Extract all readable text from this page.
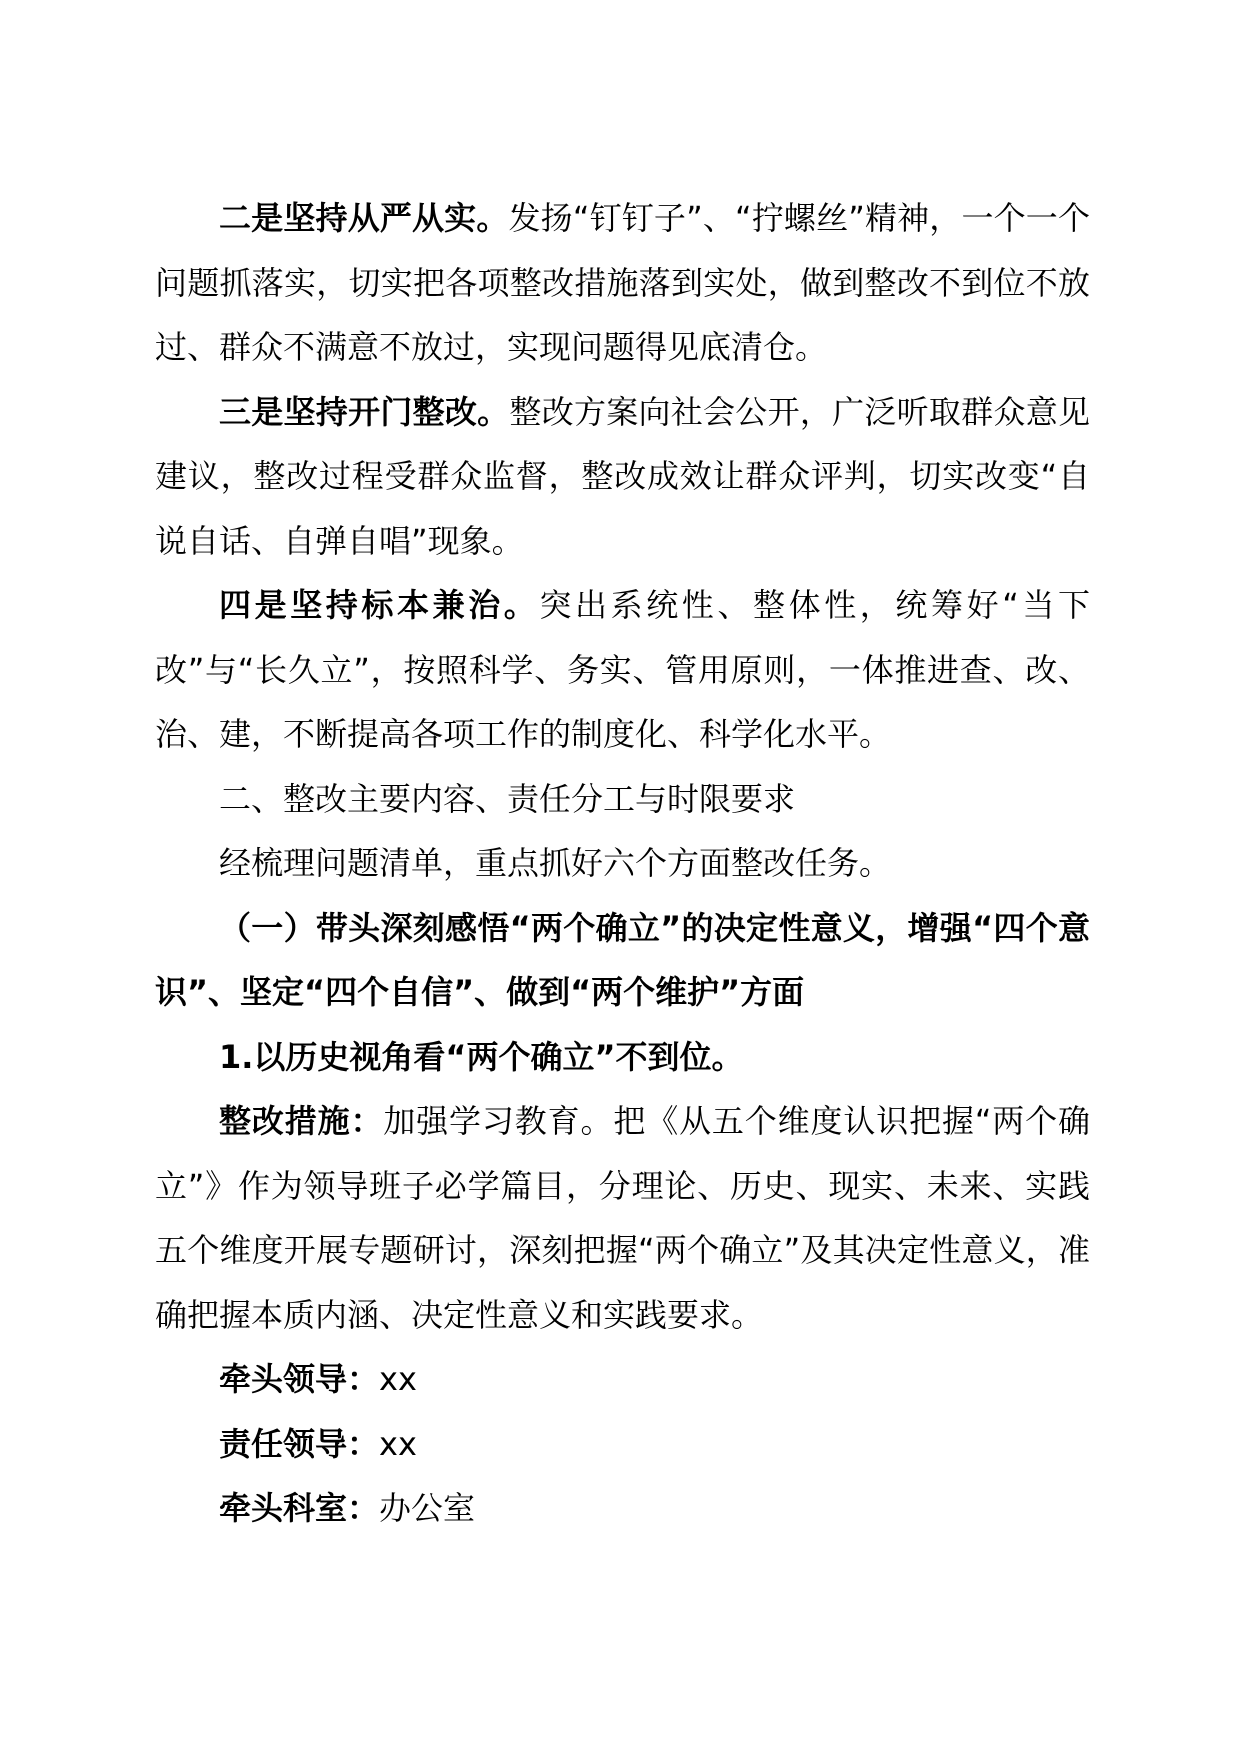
二是坚持从严从实。发扬“钉钉子”、“拧螺丝”精神，一个一个问题抓落实，切实把各项整改措施落到实处，做到整改不到位不放过、群众不满意不放过，实现问题得见底清仓。

三是坚持开门整改。整改方案向社会公开，广泛听取群众意见建议，整改过程受群众监督，整改成效让群众评判，切实改变“自说自话、自弹自唱”现象。

四是坚持标本兼治。突出系统性、整体性，统筹好“当下改”与“长久立”，按照科学、务实、管用原则，一体推进查、改、治、建，不断提高各项工作的制度化、科学化水平。

二、整改主要内容、责任分工与时限要求

经梳理问题清单，重点抓好六个方面整改任务。

（一）带头深刻感悟“两个确立”的决定性意义，增强“四个意识”、坚定“四个自信”、做到“两个维护”方面

1.以历史视角看“两个确立”不到位。

整改措施：加强学习教育。把《从五个维度认识把握“两个确立”》作为领导班子必学篇目，分理论、历史、现实、未来、实践五个维度开展专题研讨，深刻把握“两个确立”及其决定性意义，准确把握本质内涵、决定性意义和实践要求。

牵头领导：xx

责任领导：xx

牵头科室：办公室
